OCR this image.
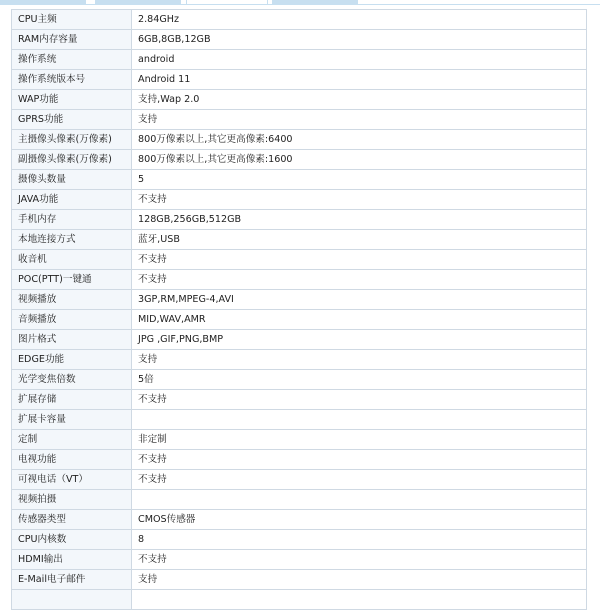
CPU主频	2.84GHz
RAM内存容量	6GB,8GB,12GB
操作系统	android
操作系统版本号	Android 11
WAP功能	支持,Wap 2.0
GPRS功能	支持
主摄像头像素(万像素)	800万像素以上,其它更高像素:6400
副摄像头像素(万像素)	800万像素以上,其它更高像素:1600
摄像头数量	5
JAVA功能	不支持
手机内存	128GB,256GB,512GB
本地连接方式	蓝牙,USB
收音机	不支持
POC(PTT)一键通	不支持
视频播放	3GP,RM,MPEG-4,AVI
音频播放	MID,WAV,AMR
图片格式	JPG ,GIF,PNG,BMP
EDGE功能	支持
光学变焦倍数	5倍
扩展存储	不支持
扩展卡容量	
定制	非定制
电视功能	不支持
可视电话（VT）	不支持
视频拍摄	
传感器类型	CMOS传感器
CPU内核数	8
HDMI输出	不支持
E-Mail电子邮件	支持
